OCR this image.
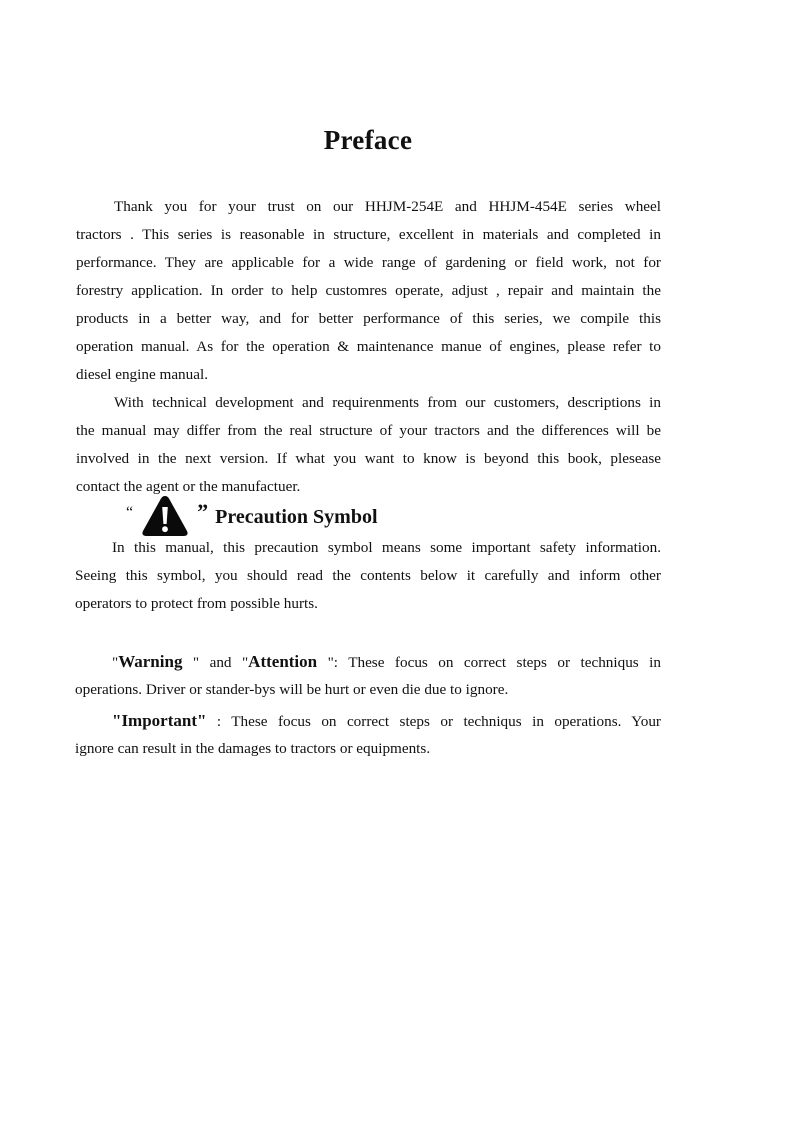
Preface
Thank you for your trust on our HHJM-254E and HHJM-454E series wheel
tractors . This series is reasonable in structure, excellent in materials and completed in
performance. They are applicable for a wide range of gardening or field work, not for
forestry application. In order to help customres operate, adjust , repair and maintain the
products in a better way, and for better performance of this series, we compile this
operation manual. As for the operation & maintenance manue of engines, please refer to
diesel engine manual.
With technical development and requirenments from our customers, descriptions in
the manual may differ from the real structure of your tractors and the differences will be
involved in the next version. If what you want to know is beyond this book, plesease
contact the agent or the manufactuer.
“	” Precaution Symbol
In this manual, this precaution symbol means some important safety information.
Seeing this symbol, you should read the contents below it carefully and inform other
operators to protect from possible hurts.
"Warning " and "Attention ": These focus on correct steps or techniqus in
operations. Driver or stander-bys will be hurt or even die due to ignore.
"Important" : These focus on correct steps or techniqus in operations. Your
ignore can result in the damages to tractors or equipments.
